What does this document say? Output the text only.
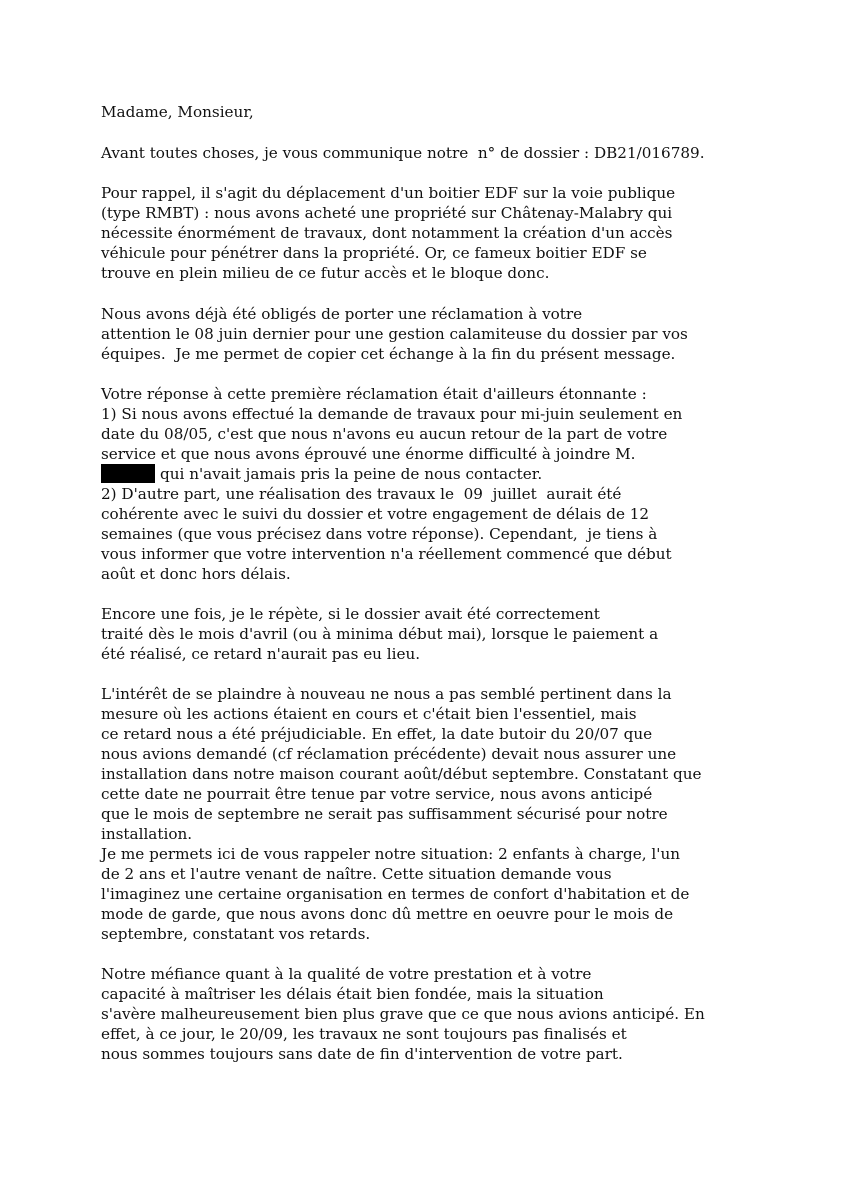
Madame, Monsieur,

Avant toutes choses, je vous communique notre  n° de dossier : DB21/016789.

Pour rappel, il s'agit du déplacement d'un boitier EDF sur la voie publique

(type RMBT) : nous avons acheté une propriété sur Châtenay-Malabry qui

nécessite énormément de travaux, dont notamment la création d'un accès

véhicule pour pénétrer dans la propriété. Or, ce fameux boitier EDF se

trouve en plein milieu de ce futur accès et le bloque donc.

Nous avons déjà été obligés de porter une réclamation à votre

attention le 08 juin dernier pour une gestion calamiteuse du dossier par vos

équipes.  Je me permet de copier cet échange à la fin du présent message.

Votre réponse à cette première réclamation était d'ailleurs étonnante :

1) Si nous avons effectué la demande de travaux pour mi-juin seulement en

date du 08/05, c'est que nous n'avons eu aucun retour de la part de votre

service et que nous avons éprouvé une énorme difficulté à joindre M.

qui n'avait jamais pris la peine de nous contacter.

2) D'autre part, une réalisation des travaux le  09  juillet  aurait été

cohérente avec le suivi du dossier et votre engagement de délais de 12

semaines (que vous précisez dans votre réponse). Cependant,  je tiens à

vous informer que votre intervention n'a réellement commencé que début

août et donc hors délais.

Encore une fois, je le répète, si le dossier avait été correctement

traité dès le mois d'avril (ou à minima début mai), lorsque le paiement a

été réalisé, ce retard n'aurait pas eu lieu.

L'intérêt de se plaindre à nouveau ne nous a pas semblé pertinent dans la

mesure où les actions étaient en cours et c'était bien l'essentiel, mais

ce retard nous a été préjudiciable. En effet, la date butoir du 20/07 que

nous avions demandé (cf réclamation précédente) devait nous assurer une

installation dans notre maison courant août/début septembre. Constatant que

cette date ne pourrait être tenue par votre service, nous avons anticipé

que le mois de septembre ne serait pas suffisamment sécurisé pour notre

installation.

Je me permets ici de vous rappeler notre situation: 2 enfants à charge, l'un

de 2 ans et l'autre venant de naître. Cette situation demande vous

l'imaginez une certaine organisation en termes de confort d'habitation et de

mode de garde, que nous avons donc dû mettre en oeuvre pour le mois de

septembre, constatant vos retards.

Notre méfiance quant à la qualité de votre prestation et à votre

capacité à maîtriser les délais était bien fondée, mais la situation

s'avère malheureusement bien plus grave que ce que nous avions anticipé. En

effet, à ce jour, le 20/09, les travaux ne sont toujours pas finalisés et

nous sommes toujours sans date de fin d'intervention de votre part.
